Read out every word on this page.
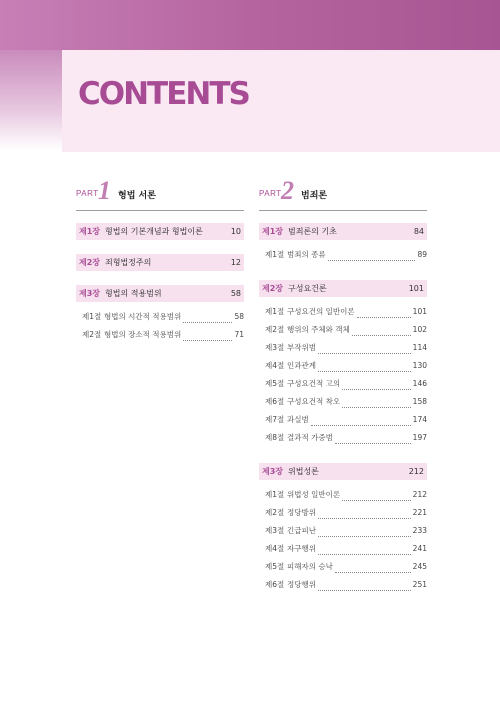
CONTENTS
PART 1 형법 서론
제1장 형법의 기본개념과 형법이론	10
제2장 죄형법정주의	12
제3장 형법의 적용범위	58
제1절 형법의 시간적 적용범위	58
제2절 형법의 장소적 적용범위	71
PART 2 범죄론
제1장 범죄론의 기초	84
제1절 범죄의 종류	89
제2장 구성요건론	101
제1절 구성요건의 일반이론	101
제2절 행위의 주체와 객체	102
제3절 부작위범	114
제4절 인과관계	130
제5절 구성요건적 고의	146
제6절 구성요건적 착오	158
제7절 과실범	174
제8절 결과적 가중범	197
제3장 위법성론	212
제1절 위법성 일반이론	212
제2절 정당방위	221
제3절 긴급피난	233
제4절 자구행위	241
제5절 피해자의 승낙	245
제6절 정당행위	251
